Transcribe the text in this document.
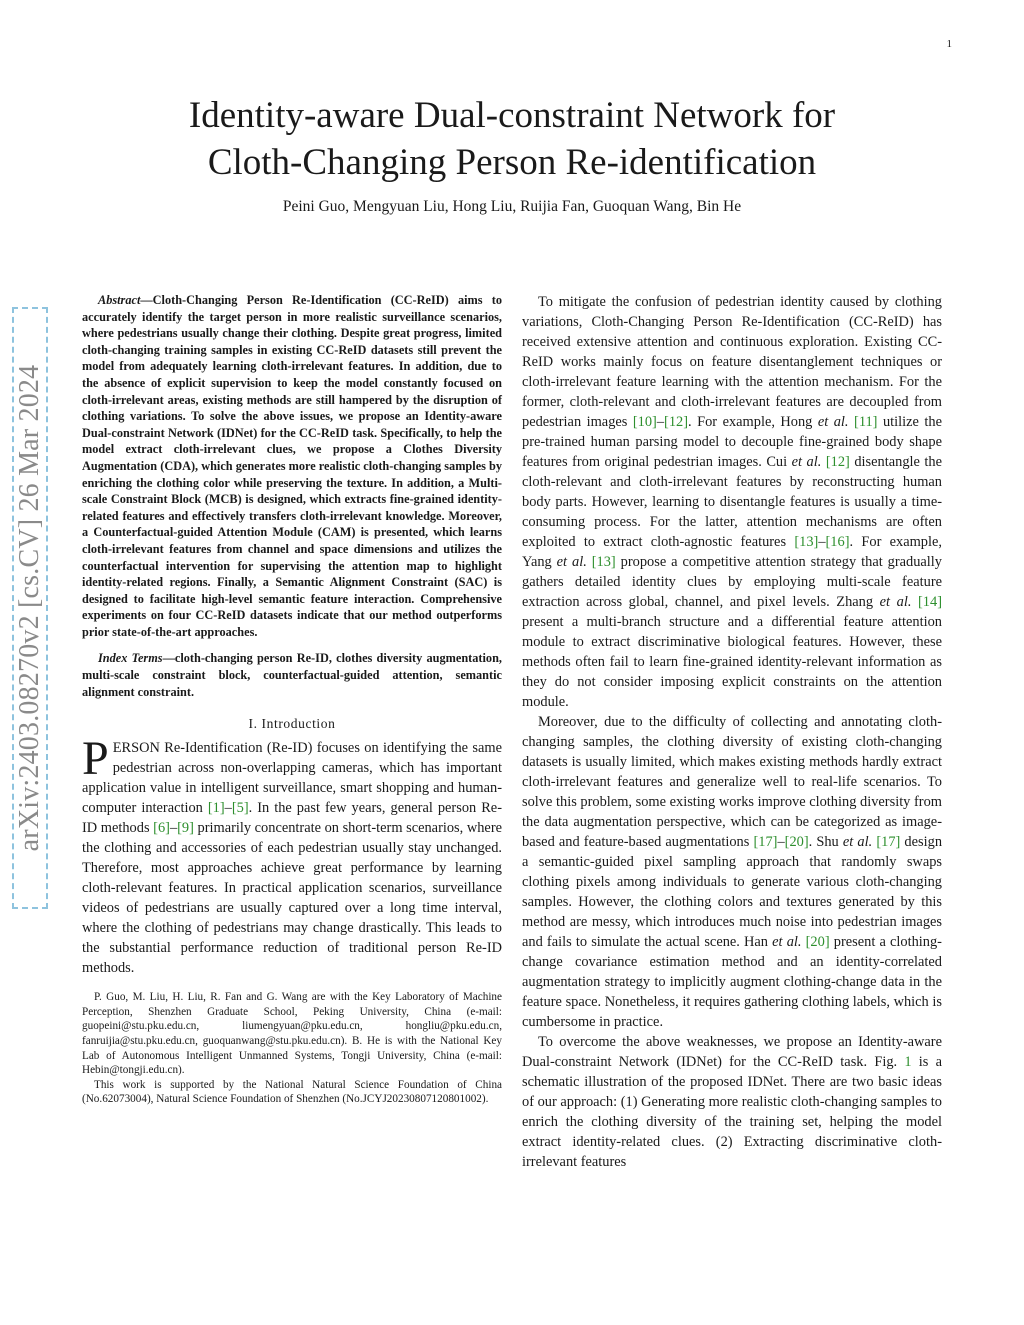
1
Identity-aware Dual-constraint Network for
Cloth-Changing Person Re-identification
Peini Guo, Mengyuan Liu, Hong Liu, Ruijia Fan, Guoquan Wang, Bin He
arXiv:2403.08270v2 [cs.CV] 26 Mar 2024

Abstract—Cloth-Changing Person Re-Identification (CC-ReID) aims to accurately identify the target person in more realistic surveillance scenarios, where pedestrians usually change their clothing. Despite great progress, limited cloth-changing training samples in existing CC-ReID datasets still prevent the model from adequately learning cloth-irrelevant features. In addition, due to the absence of explicit supervision to keep the model constantly focused on cloth-irrelevant areas, existing methods are still hampered by the disruption of clothing variations. To solve the above issues, we propose an Identity-aware Dual-constraint Network (IDNet) for the CC-ReID task. Specifically, to help the model extract cloth-irrelevant clues, we propose a Clothes Diversity Augmentation (CDA), which generates more realistic cloth-changing samples by enriching the clothing color while preserving the texture. In addition, a Multi-scale Constraint Block (MCB) is designed, which extracts fine-grained identity-related features and effectively transfers cloth-irrelevant knowledge. Moreover, a Counterfactual-guided Attention Module (CAM) is presented, which learns cloth-irrelevant features from channel and space dimensions and utilizes the counterfactual intervention for supervising the attention map to highlight identity-related regions. Finally, a Semantic Alignment Constraint (SAC) is designed to facilitate high-level semantic feature interaction. Comprehensive experiments on four CC-ReID datasets indicate that our method outperforms prior state-of-the-art approaches.

Index Terms—cloth-changing person Re-ID, clothes diversity augmentation, multi-scale constraint block, counterfactual-guided attention, semantic alignment constraint.

I. Introduction

PERSON Re-Identification (Re-ID) focuses on identifying the same pedestrian across non-overlapping cameras, which has important application value in intelligent surveillance, smart shopping and human-computer interaction [1]–[5]. In the past few years, general person Re-ID methods [6]–[9] primarily concentrate on short-term scenarios, where the clothing and accessories of each pedestrian usually stay unchanged. Therefore, most approaches achieve great performance by learning cloth-relevant features. In practical application scenarios, surveillance videos of pedestrians are usually captured over a long time interval, where the clothing of pedestrians may change drastically. This leads to the substantial performance reduction of traditional person Re-ID methods.

P. Guo, M. Liu, H. Liu, R. Fan and G. Wang are with the Key Laboratory of Machine Perception, Shenzhen Graduate School, Peking University, China (e-mail: guopeini@stu.pku.edu.cn, liumengyuan@pku.edu.cn, hongliu@pku.edu.cn, fanruijia@stu.pku.edu.cn, guoquanwang@stu.pku.edu.cn). B. He is with the National Key Lab of Autonomous Intelligent Unmanned Systems, Tongji University, China (e-mail: Hebin@tongji.edu.cn).

This work is supported by the National Natural Science Foundation of China (No.62073004), Natural Science Foundation of Shenzhen (No.JCYJ20230807120801002).

To mitigate the confusion of pedestrian identity caused by clothing variations, Cloth-Changing Person Re-Identification (CC-ReID) has received extensive attention and continuous exploration. Existing CC-ReID works mainly focus on feature disentanglement techniques or cloth-irrelevant feature learning with the attention mechanism. For the former, cloth-relevant and cloth-irrelevant features are decoupled from pedestrian images [10]–[12]. For example, Hong et al. [11] utilize the pre-trained human parsing model to decouple fine-grained body shape features from original pedestrian images. Cui et al. [12] disentangle the cloth-relevant and cloth-irrelevant features by reconstructing human body parts. However, learning to disentangle features is usually a time-consuming process. For the latter, attention mechanisms are often exploited to extract cloth-agnostic features [13]–[16]. For example, Yang et al. [13] propose a competitive attention strategy that gradually gathers detailed identity clues by employing multi-scale feature extraction across global, channel, and pixel levels. Zhang et al. [14] present a multi-branch structure and a differential feature attention module to extract discriminative biological features. However, these methods often fail to learn fine-grained identity-relevant information as they do not consider imposing explicit constraints on the attention module.

Moreover, due to the difficulty of collecting and annotating cloth-changing samples, the clothing diversity of existing cloth-changing datasets is usually limited, which makes existing methods hardly extract cloth-irrelevant features and generalize well to real-life scenarios. To solve this problem, some existing works improve clothing diversity from the data augmentation perspective, which can be categorized as image-based and feature-based augmentations [17]–[20]. Shu et al. [17] design a semantic-guided pixel sampling approach that randomly swaps clothing pixels among individuals to generate various cloth-changing samples. However, the clothing colors and textures generated by this method are messy, which introduces much noise into pedestrian images and fails to simulate the actual scene. Han et al. [20] present a clothing-change covariance estimation method and an identity-correlated augmentation strategy to implicitly augment clothing-change data in the feature space. Nonetheless, it requires gathering clothing labels, which is cumbersome in practice.

To overcome the above weaknesses, we propose an Identity-aware Dual-constraint Network (IDNet) for the CC-ReID task. Fig. 1 is a schematic illustration of the proposed IDNet. There are two basic ideas of our approach: (1) Generating more realistic cloth-changing samples to enrich the clothing diversity of the training set, helping the model extract identity-related clues. (2) Extracting discriminative cloth-irrelevant features
